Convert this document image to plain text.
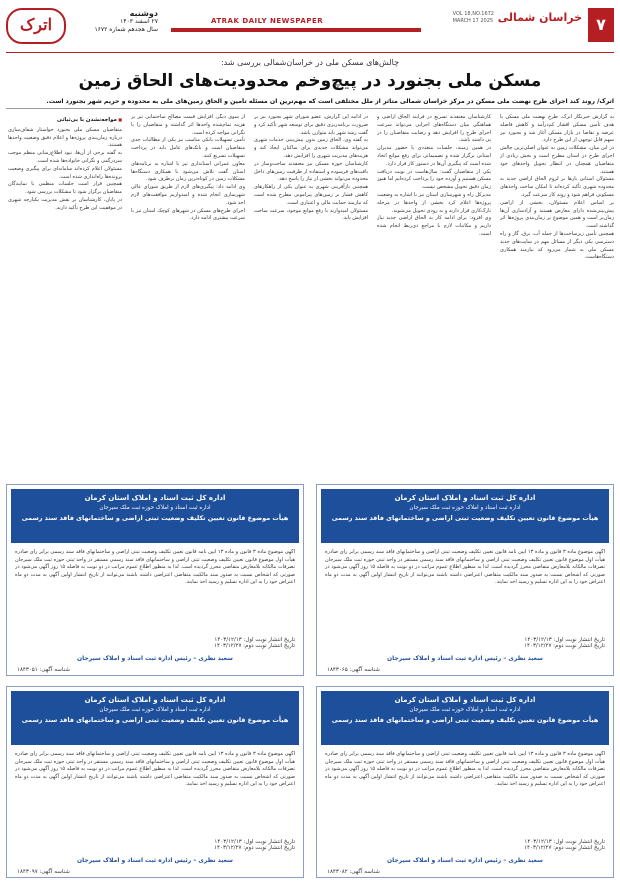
۷
خراسان شمالی
VOL 18,NO.1672
MARCH 17 2025
ATRAK DAILY NEWSPAPER
اترک
دوشنبه
۲۷ اسفند ۱۴۰۳
سال هجدهم شماره ۱۶۷۲
چالش‌های مسکن ملی در خراسان‌شمالی بررسی شد:
مسکن ملی بجنورد در پیچ‌وخم محدودیت‌های الحاق زمین
اترک/ روند کند اجرای طرح نهضت ملی مسکن در مرکز خراسان شمالی متاثر از ملل مختلفی است که مهم‌ترین آن مسئله تأمین و الحاق زمین‌های ملی به محدوده و حریم شهر بجنورد است.

به گزارش خبرنگار اترک، طرح نهضت ملی مسکن با هدف تأمین مسکن اقشار کم‌درآمد و کاهش فاصله عرضه و تقاضا در بازار مسکن آغاز شد و بجنورد نیز سهم قابل توجهی از این طرح دارد.

در این میان، مشکلات زمین به عنوان اصلی‌ترین چالش اجرای طرح در استان مطرح است و بخش زیادی از متقاضیان همچنان در انتظار تحویل واحدهای خود هستند.

مسئولان استانی بارها بر لزوم الحاق اراضی جدید به محدوده شهری تأکید کرده‌اند تا امکان ساخت واحدهای مسکونی فراهم شود و روند کار سرعت گیرد.

بر اساس اعلام مسئولان، بخشی از اراضی پیش‌بینی‌شده دارای معارض هستند و آزادسازی آن‌ها زمان‌بر است و همین موضوع بر زمان‌بندی پروژه‌ها اثر گذاشته است.

همچنین تأمین زیرساخت‌ها از جمله آب، برق، گاز و راه دسترسی یکی دیگر از مسائل مهم در سایت‌های جدید مسکن ملی به شمار می‌رود که نیازمند همکاری دستگاه‌هاست.

کارشناسان معتقدند تسریع در فرآیند الحاق اراضی و هماهنگی میان دستگاه‌های اجرایی می‌تواند سرعت اجرای طرح را افزایش دهد و رضایت متقاضیان را در پی داشته باشد.

در همین زمینه، جلسات متعددی با حضور مدیران استانی برگزار شده و تصمیماتی برای رفع موانع اتخاذ شده است که پیگیری آن‌ها در دستور کار قرار دارد.

یکی از متقاضیان گفت: سال‌هاست در نوبت دریافت مسکن هستیم و آورده خود را پرداخت کرده‌ایم اما هنوز زمان دقیق تحویل مشخص نیست.

مدیرکل راه و شهرسازی استان نیز با اشاره به وضعیت پروژه‌ها اعلام کرد بخشی از واحدها در مرحله نازک‌کاری قرار دارند و به زودی تحویل می‌شوند.

وی افزود: برای ادامه کار به الحاق اراضی جدید نیاز داریم و مکاتبات لازم با مراجع ذی‌ربط انجام شده است.

در ادامه این گزارش، عضو شورای شهر بجنورد نیز بر ضرورت برنامه‌ریزی دقیق برای توسعه شهر تأکید کرد و گفت رشد شهر باید متوازن باشد.

به گفته وی، الحاق زمین بدون پیش‌بینی خدمات شهری می‌تواند مشکلات جدیدی برای ساکنان ایجاد کند و هزینه‌های مدیریت شهری را افزایش دهد.

کارشناسان حوزه مسکن نیز معتقدند ساخت‌وساز در بافت‌های فرسوده و استفاده از ظرفیت زمین‌های داخل محدوده می‌تواند بخشی از نیاز را پاسخ دهد.

همچنین بازآفرینی شهری به عنوان یکی از راهکارهای کاهش فشار بر زمین‌های پیرامونی مطرح شده است که نیازمند حمایت مالی و اعتباری است.

مسئولان امیدوارند با رفع موانع موجود، سرعت ساخت افزایش یابد.

از سوی دیگر، افزایش قیمت مصالح ساختمانی نیز بر هزینه تمام‌شده واحدها اثر گذاشته و متقاضیان را با نگرانی مواجه کرده است.

تأمین تسهیلات بانکی مناسب نیز یکی از مطالبات جدی متقاضیان است و بانک‌های عامل باید در پرداخت تسهیلات تسریع کنند.

معاون عمرانی استانداری نیز با اشاره به برنامه‌های استان گفت تلاش می‌شود با همکاری دستگاه‌ها مشکلات زمین در کوتاه‌ترین زمان برطرف شود.

وی ادامه داد: پیگیری‌های لازم از طریق شورای عالی شهرسازی انجام شده و امیدواریم موافقت‌های لازم اخذ شود.

اجرای طرح‌های مسکن در شهرهای کوچک استان نیز با سرعت بیشتری ادامه دارد.

■ مواجه‌نشدن با بی‌ثباتی

متقاضیان مسکن ملی بجنورد خواستار شفاف‌سازی درباره زمان‌بندی پروژه‌ها و اعلام دقیق وضعیت واحدها هستند.

به گفته برخی از آن‌ها، نبود اطلاع‌رسانی منظم موجب سردرگمی و نگرانی خانواده‌ها شده است.

مسئولان اعلام کرده‌اند سامانه‌ای برای پیگیری وضعیت پرونده‌ها راه‌اندازی شده است.

همچنین قرار است جلسات منظمی با نمایندگان متقاضیان برگزار شود تا مشکلات بررسی شود.

در پایان، کارشناسان بر نقش مدیریت یکپارچه شهری در موفقیت این طرح تأکید دارند.

اداره کل ثبت اسناد و املاک استان کرمان
اداره ثبت اسناد و املاک حوزه ثبت ملک سیرجان
هیأت موضوع قانون تعیین تکلیف وضعیت ثبتی اراضی و ساختمانهای فاقد سند رسمی
آگهی موضوع ماده ۳ قانون و ماده ۱۳ آیین نامه قانون تعیین تکلیف وضعیت ثبتی اراضی و ساختمانهای فاقد سند رسمی برابر رأی صادره هیأت اول موضوع قانون تعیین تکلیف وضعیت ثبتی اراضی و ساختمانهای فاقد سند رسمی مستقر در واحد ثبتی حوزه ثبت ملک سیرجان تصرفات مالکانه بلامعارض متقاضی محرز گردیده است. لذا به منظور اطلاع عموم مراتب در دو نوبت به فاصله ۱۵ روز آگهی می‌شود در صورتی که اشخاص نسبت به صدور سند مالکیت متقاضی اعتراضی داشته باشند می‌توانند از تاریخ انتشار اولین آگهی به مدت دو ماه اعتراض خود را به این اداره تسلیم و رسید اخذ نمایند.
تاریخ انتشار نوبت اول: ۱۴۰۳/۱۲/۱۳
تاریخ انتشار نوبت دوم: ۱۴۰۳/۱۲/۲۷
سعید نظری – رئیس اداره ثبت اسناد و املاک سیرجان
شناسه آگهی: ۱۸۴۳۰۶۵
اداره کل ثبت اسناد و املاک استان کرمان
اداره ثبت اسناد و املاک حوزه ثبت ملک سیرجان
هیأت موضوع قانون تعیین تکلیف وضعیت ثبتی اراضی و ساختمانهای فاقد سند رسمی
آگهی موضوع ماده ۳ قانون و ماده ۱۳ آیین نامه قانون تعیین تکلیف وضعیت ثبتی اراضی و ساختمانهای فاقد سند رسمی برابر رأی صادره هیأت اول موضوع قانون تعیین تکلیف وضعیت ثبتی اراضی و ساختمانهای فاقد سند رسمی مستقر در واحد ثبتی حوزه ثبت ملک سیرجان تصرفات مالکانه بلامعارض متقاضی محرز گردیده است. لذا به منظور اطلاع عموم مراتب در دو نوبت به فاصله ۱۵ روز آگهی می‌شود در صورتی که اشخاص نسبت به صدور سند مالکیت متقاضی اعتراضی داشته باشند می‌توانند از تاریخ انتشار اولین آگهی به مدت دو ماه اعتراض خود را به این اداره تسلیم و رسید اخذ نمایند.
تاریخ انتشار نوبت اول: ۱۴۰۳/۱۲/۱۳
تاریخ انتشار نوبت دوم: ۱۴۰۳/۱۲/۲۷
سعید نظری – رئیس اداره ثبت اسناد و املاک سیرجان
شناسه آگهی: ۱۸۴۳۰۵۱
اداره کل ثبت اسناد و املاک استان کرمان
اداره ثبت اسناد و املاک حوزه ثبت ملک سیرجان
هیأت موضوع قانون تعیین تکلیف وضعیت ثبتی اراضی و ساختمانهای فاقد سند رسمی
آگهی موضوع ماده ۳ قانون و ماده ۱۳ آیین نامه قانون تعیین تکلیف وضعیت ثبتی اراضی و ساختمانهای فاقد سند رسمی برابر رأی صادره هیأت اول موضوع قانون تعیین تکلیف وضعیت ثبتی اراضی و ساختمانهای فاقد سند رسمی مستقر در واحد ثبتی حوزه ثبت ملک سیرجان تصرفات مالکانه بلامعارض متقاضی محرز گردیده است. لذا به منظور اطلاع عموم مراتب در دو نوبت به فاصله ۱۵ روز آگهی می‌شود در صورتی که اشخاص نسبت به صدور سند مالکیت متقاضی اعتراضی داشته باشند می‌توانند از تاریخ انتشار اولین آگهی به مدت دو ماه اعتراض خود را به این اداره تسلیم و رسید اخذ نمایند.
تاریخ انتشار نوبت اول: ۱۴۰۳/۱۲/۱۳
تاریخ انتشار نوبت دوم: ۱۴۰۳/۱۲/۲۷
سعید نظری – رئیس اداره ثبت اسناد و املاک سیرجان
شناسه آگهی: ۱۸۴۳۰۸۲
اداره کل ثبت اسناد و املاک استان کرمان
اداره ثبت اسناد و املاک حوزه ثبت ملک سیرجان
هیأت موضوع قانون تعیین تکلیف وضعیت ثبتی اراضی و ساختمانهای فاقد سند رسمی
آگهی موضوع ماده ۳ قانون و ماده ۱۳ آیین نامه قانون تعیین تکلیف وضعیت ثبتی اراضی و ساختمانهای فاقد سند رسمی برابر رأی صادره هیأت اول موضوع قانون تعیین تکلیف وضعیت ثبتی اراضی و ساختمانهای فاقد سند رسمی مستقر در واحد ثبتی حوزه ثبت ملک سیرجان تصرفات مالکانه بلامعارض متقاضی محرز گردیده است. لذا به منظور اطلاع عموم مراتب در دو نوبت به فاصله ۱۵ روز آگهی می‌شود در صورتی که اشخاص نسبت به صدور سند مالکیت متقاضی اعتراضی داشته باشند می‌توانند از تاریخ انتشار اولین آگهی به مدت دو ماه اعتراض خود را به این اداره تسلیم و رسید اخذ نمایند.
تاریخ انتشار نوبت اول: ۱۴۰۳/۱۲/۱۳
تاریخ انتشار نوبت دوم: ۱۴۰۳/۱۲/۲۷
سعید نظری – رئیس اداره ثبت اسناد و املاک سیرجان
شناسه آگهی: ۱۸۴۳۰۹۷
